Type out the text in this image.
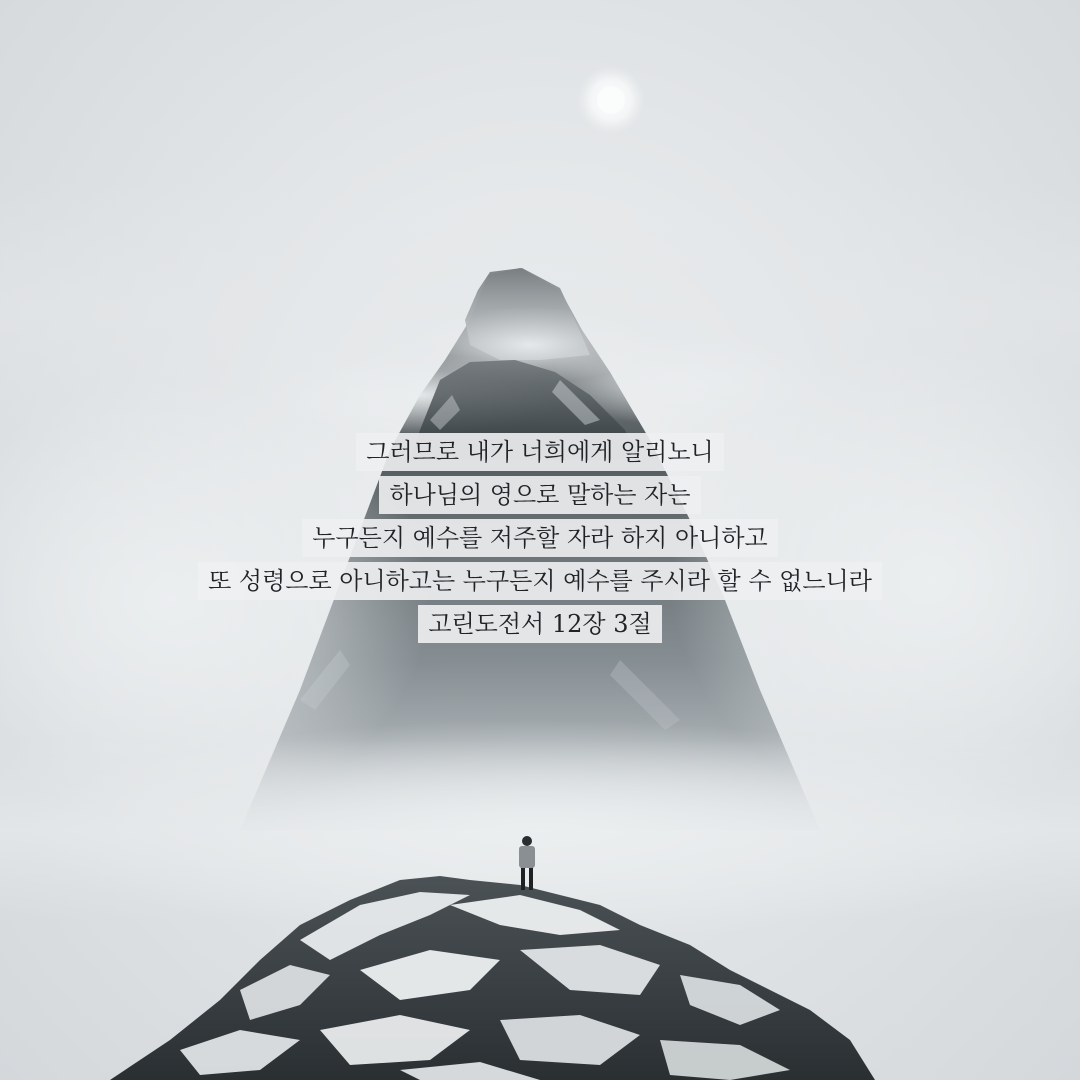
그러므로 내가 너희에게 알리노니
하나님의 영으로 말하는 자는
누구든지 예수를 저주할 자라 하지 아니하고
또 성령으로 아니하고는 누구든지 예수를 주시라 할 수 없느니라
고린도전서 12장 3절
